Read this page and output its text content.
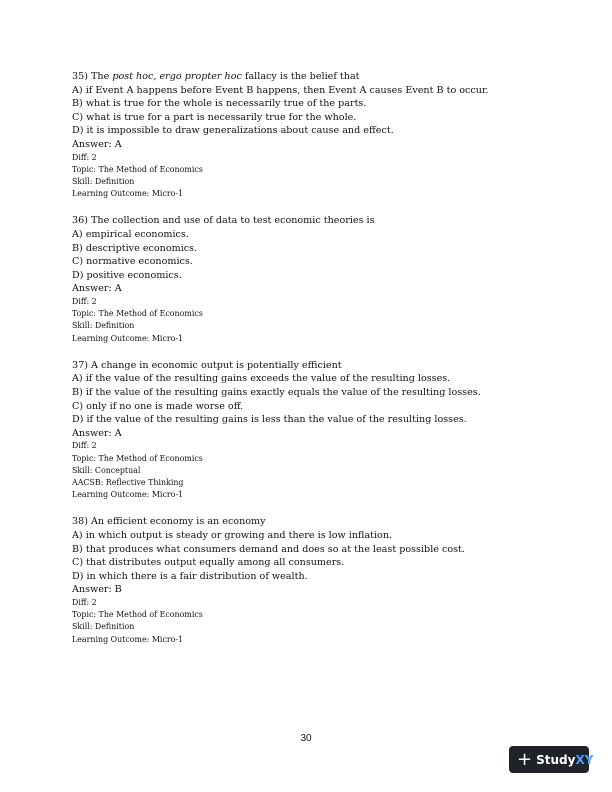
35) The post hoc, ergo propter hoc fallacy is the belief that
A) if Event A happens before Event B happens, then Event A causes Event B to occur.
B) what is true for the whole is necessarily true of the parts.
C) what is true for a part is necessarily true for the whole.
D) it is impossible to draw generalizations about cause and effect.
Answer: A
Diff: 2
Topic: The Method of Economics
Skill: Definition
Learning Outcome: Micro-1
36) The collection and use of data to test economic theories is
A) empirical economics.
B) descriptive economics.
C) normative economics.
D) positive economics.
Answer: A
Diff: 2
Topic: The Method of Economics
Skill: Definition
Learning Outcome: Micro-1
37) A change in economic output is potentially efficient
A) if the value of the resulting gains exceeds the value of the resulting losses.
B) if the value of the resulting gains exactly equals the value of the resulting losses.
C) only if no one is made worse off.
D) if the value of the resulting gains is less than the value of the resulting losses.
Answer: A
Diff: 2
Topic: The Method of Economics
Skill: Conceptual
AACSB: Reflective Thinking
Learning Outcome: Micro-1
38) An efficient economy is an economy
A) in which output is steady or growing and there is low inflation.
B) that produces what consumers demand and does so at the least possible cost.
C) that distributes output equally among all consumers.
D) in which there is a fair distribution of wealth.
Answer: B
Diff: 2
Topic: The Method of Economics
Skill: Definition
Learning Outcome: Micro-1
30
+ Study XY
